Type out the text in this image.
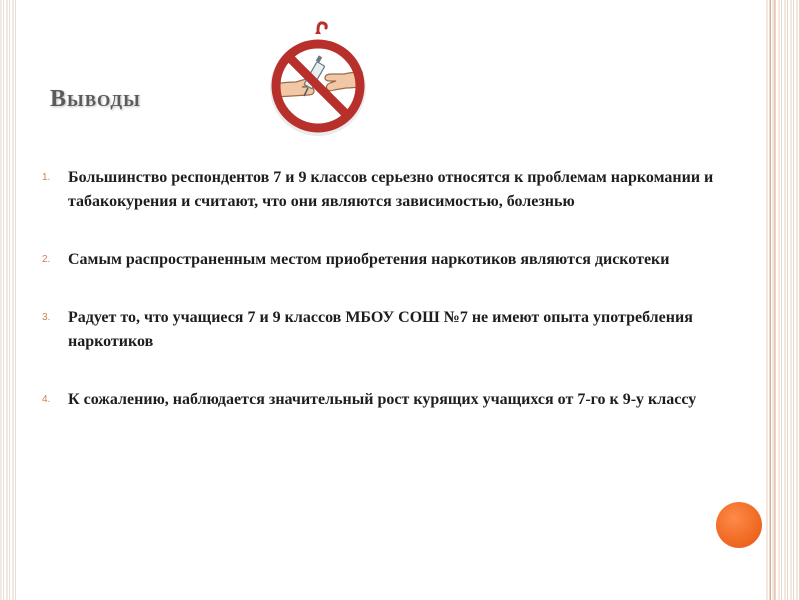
Выводы
1. Большинство респондентов 7 и 9 классов серьезно относятся к проблемам наркомании и табакокурения и считают, что они являются зависимостью, болезнью
2. Самым распространенным местом приобретения наркотиков являются дискотеки
3. Радует то, что учащиеся 7 и 9 классов МБОУ СОШ №7 не имеют опыта употребления наркотиков
4. К сожалению, наблюдается значительный рост курящих учащихся от 7-го к 9-у классу
